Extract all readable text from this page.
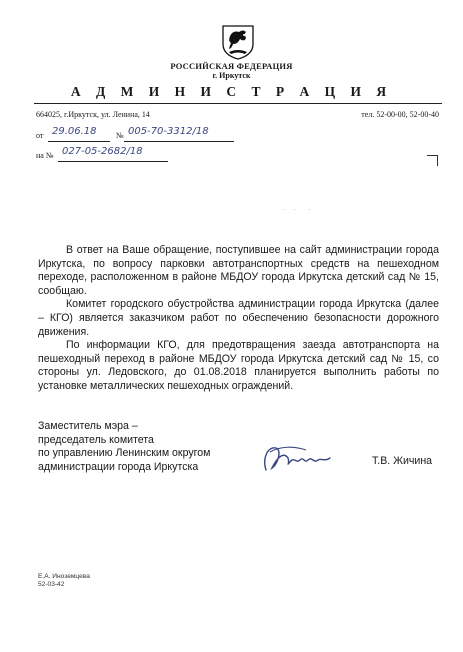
РОССИЙСКАЯ ФЕДЕРАЦИЯ
г. Иркутск
А Д М И Н И С Т Р А Ц И Я
664025, г.Иркутск, ул. Ленина, 14	тел. 52-00-00, 52-00-40
от 29.06.18 № 005-70-3312/18
на № 027-05-2682/18
·     ·        ·

В ответ на Ваше обращение, поступившее на сайт администрации города Иркутска, по вопросу парковки автотранспортных средств на пешеходном переходе, расположенном в районе МБДОУ города Иркутска детский сад № 15, сообщаю.

Комитет городского обустройства администрации города Иркутска (далее – КГО) является заказчиком работ по обеспечению безопасности дорожного движения.

По информации КГО, для предотвращения заезда автотранспорта на пешеходный переход в районе МБДОУ города Иркутска детский сад № 15, со стороны ул. Ледовского, до 01.08.2018 планируется выполнить работы по установке металлических пешеходных ограждений.

Заместитель мэра –
председатель комитета
по управлению Ленинским округом
администрации города Иркутска	Т.В. Жичина
Е.А. Иноземцева
52-03-42
